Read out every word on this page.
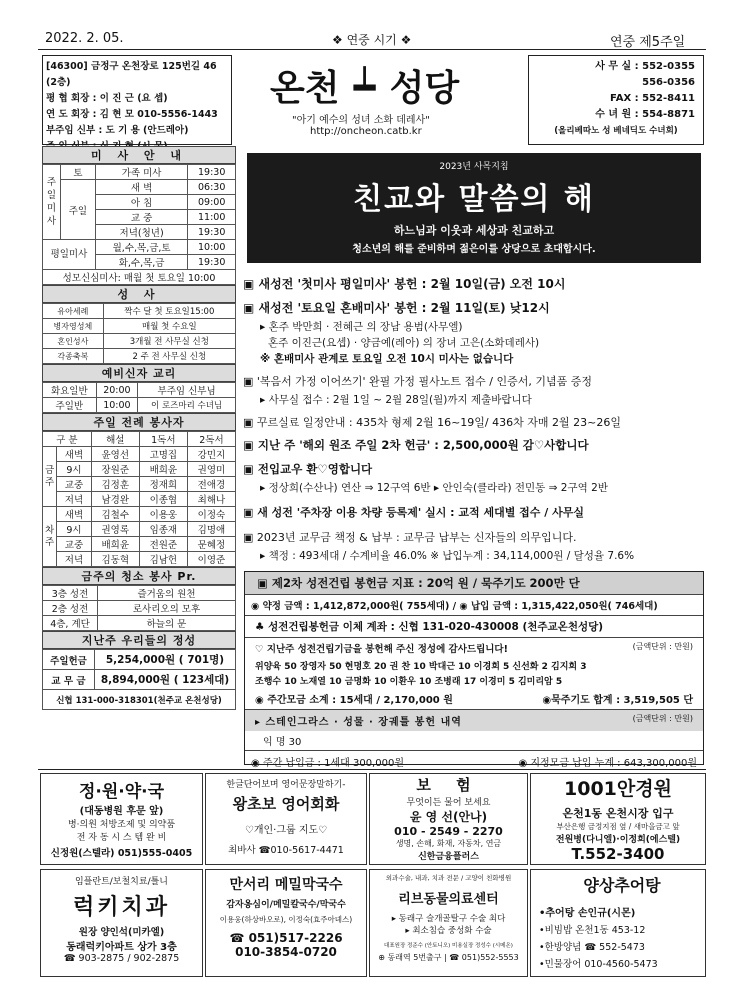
2022. 2. 05.	❖ 연중 시기 ❖	연중 제5주일
[46300] 금정구 온천장로 125번길 46 (2층)
평 협 회장 : 이 진 근 (요 셉)
연 도 회장 : 김 현 모 010-5556-1443
부주임 신부 : 도 기 용 (안드레아)
온천 ┷ 성당
"아기 예수의 성녀 소화 데레사"
http://oncheon.catb.kr
사 무 실 : 552-0355
556-0356
FAX : 552-8411
수 녀 원 : 554-8871
(올리베따노 성 베네딕도 수녀회)
미 사 안 내
주일미사	토	가족 미사	19:30
	주일	새 벽	06:30
		아 침	09:00
		교 중	11:00
		저녁(청년)	19:30
평일미사		월,수,목,금,토	10:00
		화,수,목,금	19:30
성모신심미사: 매월 첫 토요일 10:00			
성 사
유아세례	짝수 달 첫 토요일15:00
병자영성체	매월 첫 수요일
혼인성사	3개월 전 사무실 신청
각종축복	2 주 전 사무실 신청
예비신자 교리
화요일반	20:00	부주임 신부님
주일반	10:00	이 로즈마리 수녀님
주일 전례 봉사자
구 분		해설	1독서	2독서
금주	새벽	윤영선	고명집	강민지
	9시	장원준	배희윤	권영미
	교중	김정훈	정재희	전애경
	저녁	남경완	이종협	최해나
차주	새벽	김철수	이용웅	이정숙
	9시	권영록	임종재	김명애
	교중	배희윤	전원준	문혜정
	저녁	김동혁	김남헌	이영준
금주의 청소 봉사 Pr.
3층 성전	즐거움의 원천
2층 성전	로사리오의 모후
4층, 계단	하늘의 문
지난주 우리들의 정성
주일헌금	5,254,000원 ( 701명)
교 무 금	8,894,000원 ( 123세대)
신협 131-000-318301(천주교 온천성당)	
2023년 사목지침
친교와 말씀의 해
하느님과 이웃과 세상과 친교하고
청소년의 해를 준비하며 젊은이를 상당으로 초대합시다.
▣ 새성전 '첫미사 평일미사' 봉헌 : 2월 10일(금) 오전 10시
▣ 새성전 '토요일 혼배미사' 봉헌 : 2월 11일(토) 낮12시
▸ 혼주 박만희 · 전혜근 의 장남 용범(사무엘)
혼주 이진근(요셉) · 양금예(레아) 의 장녀 고은(소화데레사)
※ 혼배미사 관계로 토요일 오전 10시 미사는 없습니다
▣ '복음서 가정 이어쓰기' 완필 가정 필사노트 접수 / 인증서, 기념품 증정
▸ 사무실 접수 : 2월 1일 ~ 2월 28일(월)까지 제출바랍니다
▣ 꾸르실료 일정안내 : 435차 형제 2월 16~19일/ 436차 자매 2월 23~26일
▣ 지난 주 '해외 원조 주일 2차 헌금' : 2,500,000원 감♡사합니다
▣ 전입교우 환♡영합니다
▸ 정상희(수산나) 연산 ⇒ 12구역 6반 ▸ 안인숙(클라라) 전민동 ⇒ 2구역 2반
▣ 새 성전 '주차장 이용 차량 등록제' 실시 : 교적 세대별 접수 / 사무실
▣ 2023년 교무금 책정 & 납부 : 교무금 납부는 신자들의 의무입니다.
▸ 책정 : 493세대 / 수계비율 46.0% ※ 납입누계 : 34,114,000원 / 달성율 7.6%
▣ 제2차 성전건립 봉헌금 지표 : 20억 원 / 묵주기도 200만 단
◉ 약정 금액 : 1,412,872,000원( 755세대) / ◉ 납입 금액 : 1,315,422,050원( 746세대)
♣ 성전건립봉헌금 이체 계좌 : 신협 131-020-430008 (천주교온천성당)
♡ 지난주 성전건립기금을 봉헌해 주신 정성에 감사드립니다!	(금액단위 : 만원)
위양육 50 장영자 50 현명호 20 권 찬 10 박대근 10 이경희 5 신선화 2 김지희 3
조행수 10 노재열 10 금명화 10 이환우 10 조병래 17 이경미 5 김미리암 5
◉ 주간모금 소계 : 15세대 / 2,170,000 원	◉묵주기도 합계 : 3,519,505 단
▸ 스테인그라스 · 성물 · 장궤틀 봉헌 내역	(금액단위 : 만원)
익 명 30
◉ 주간 납입금 : 1세대 300,000원	◉ 지정모금 납입 누계 : 643,300,000원
정·원·약·국
(대동병원 후문 앞)
병·의원 처방조제 및 의약품
전 자 동 시 스 템 완 비
신정원(스텔라) 051)555-0405
한글단어보며 영어문장말하기-
왕초보 영어회화
♡개인·그룹 지도♡
최바사 ☎010-5617-4471
보 험
무엇이든 물어 보세요
윤 영 선(안나)
010 - 2549 - 2270
생명, 손해, 화재, 자동차, 연금
신한금융플러스
1001안경원
온천1동 온천시장 입구
부산은행 금정지점 옆 / 새마을금고 앞
전원병(다니엘)·이정희(에스텔)
T.552-3400
임플란트/보철치료/틀니
럭키치과
원장 양인석(미카엘)
동래럭키아파트 상가 3층
☎ 903-2875 / 902-2875
만서리 메밀막국수
감자옹심이/메밀칼국수/막국수
이용웅(하상바오로), 이정숙(효주아녜스)
☎ 051)517-2226
010-3854-0720
외과수술, 내과, 치과 전문 / 고양이 친화병원
리브동물의료센터
▸ 동래구 슬개골탈구 수술 최다
▸ 최소침습 중성화 수술
대표원장 정준수 (안토니오) 미용실장 정성수 (시메온)
⊕ 동래역 5번출구 | ☎ 051)552-5553
양상추어탕
•추어탕 손인규(시몬)
•비빔밥 온천1동 453-12
•한방양념 ☎ 552-5473
•민물장어 010-4560-5473
